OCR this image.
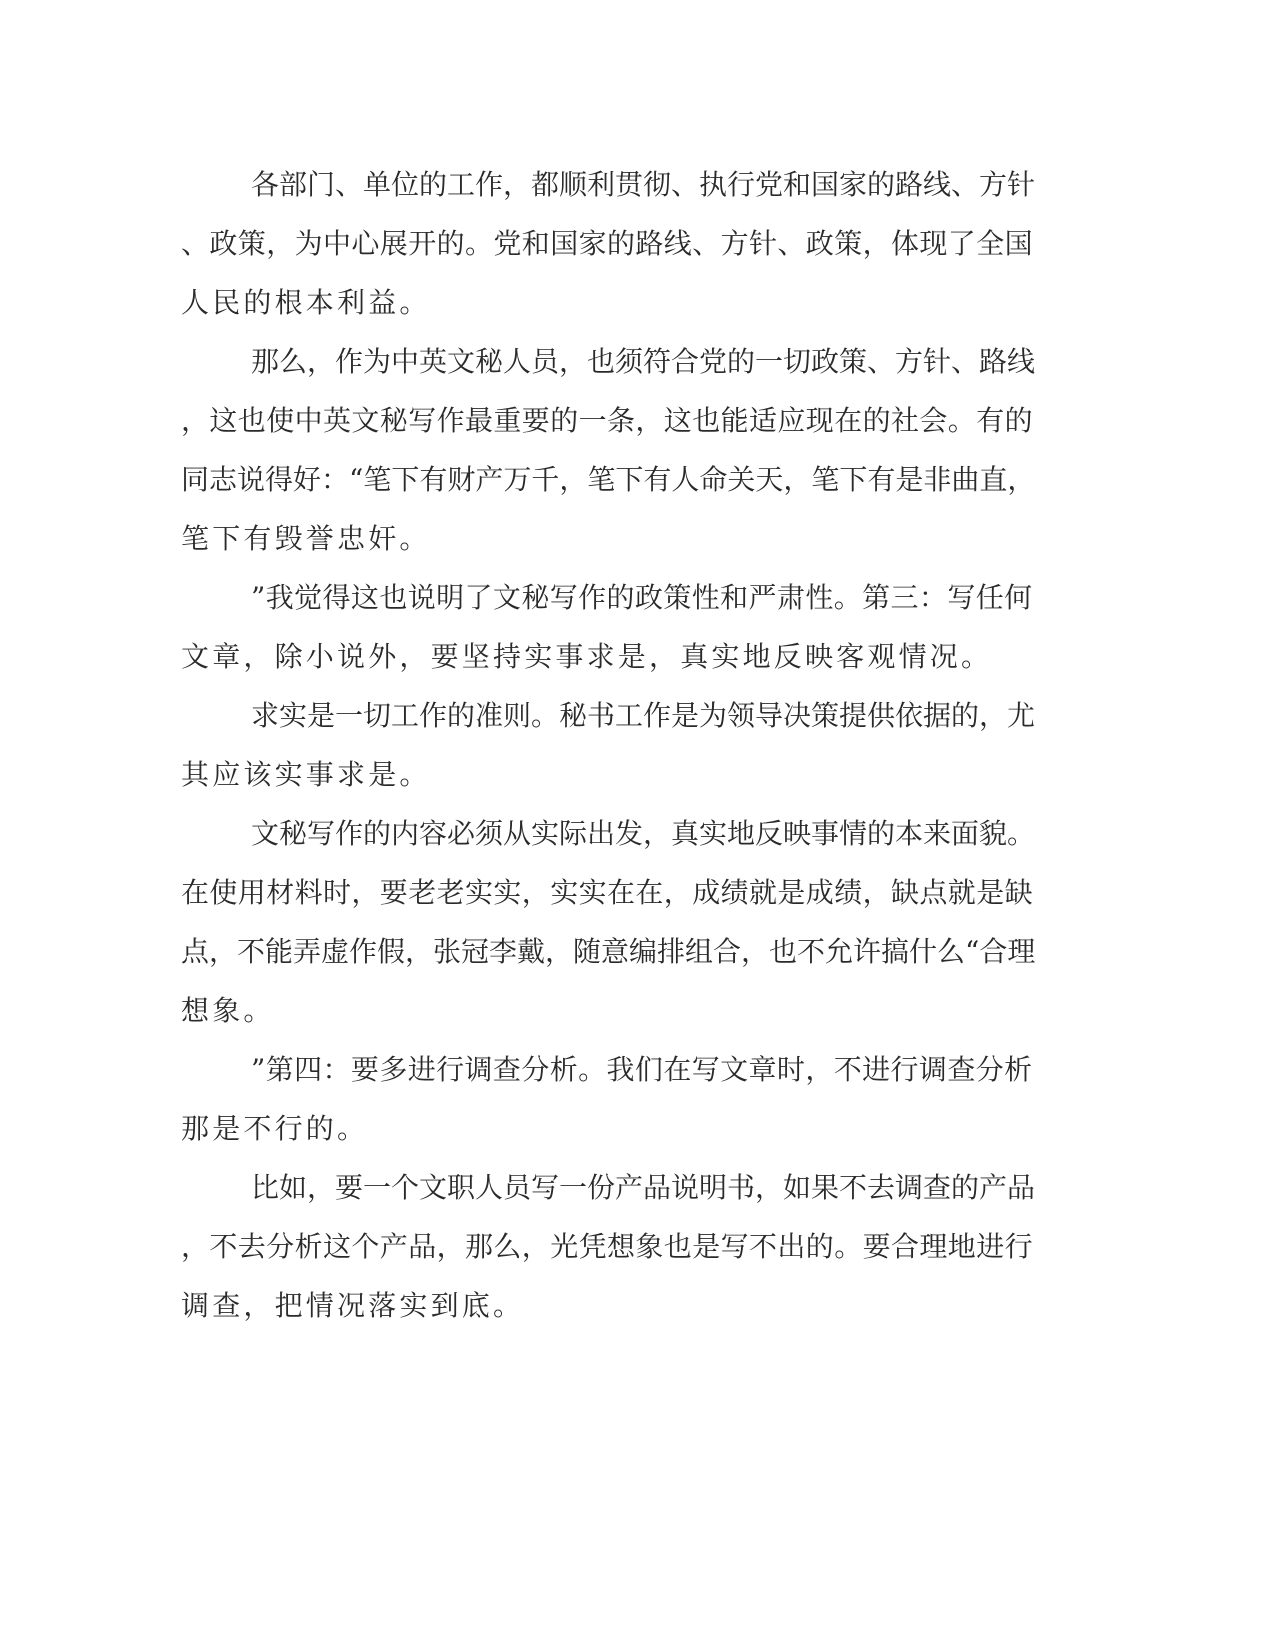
各部门、单位的工作，都顺利贯彻、执行党和国家的路线、方针
、政策，为中心展开的。党和国家的路线、方针、政策，体现了全国
人民的根本利益。
那么，作为中英文秘人员，也须符合党的一切政策、方针、路线
，这也使中英文秘写作最重要的一条，这也能适应现在的社会。有的
同志说得好：“笔下有财产万千，笔下有人命关天，笔下有是非曲直，
笔下有毁誉忠奸。
”我觉得这也说明了文秘写作的政策性和严肃性。第三：写任何
文章，除小说外，要坚持实事求是，真实地反映客观情况。
求实是一切工作的准则。秘书工作是为领导决策提供依据的，尤
其应该实事求是。
文秘写作的内容必须从实际出发，真实地反映事情的本来面貌。
在使用材料时，要老老实实，实实在在，成绩就是成绩，缺点就是缺
点，不能弄虚作假，张冠李戴，随意编排组合，也不允许搞什么“合理
想象。
”第四：要多进行调查分析。我们在写文章时，不进行调查分析
那是不行的。
比如，要一个文职人员写一份产品说明书，如果不去调查的产品
，不去分析这个产品，那么，光凭想象也是写不出的。要合理地进行
调查，把情况落实到底。
